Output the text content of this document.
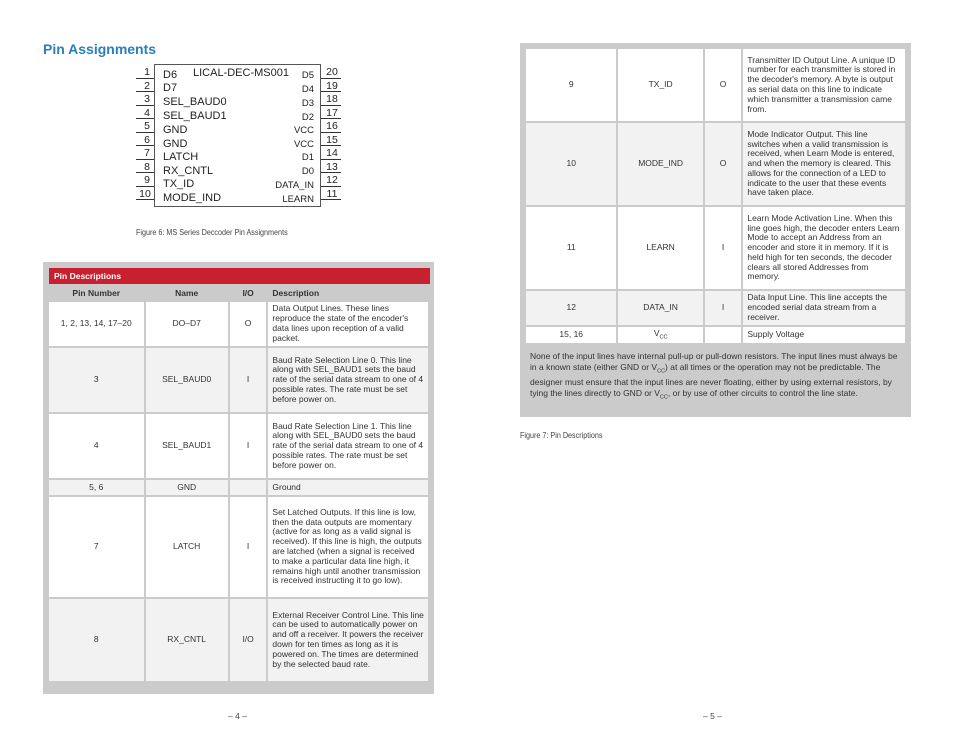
Pin Assignments
LICAL-DEC-MS001
1
2
3
4
5
6
7
8
9
10
D6
D7
SEL_BAUD0
SEL_BAUD1
GND
GND
LATCH
RX_CNTL
TX_ID
MODE_IND
20
19
18
17
16
15
14
13
12
11
D5
D4
D3
D2
VCC
VCC
D1
D0
DATA_IN
LEARN
Figure 6: MS Series Deccoder Pin Assignments
Pin Descriptions
Pin Number	Name	I/O	Description
1, 2, 13, 14, 17–20	DO–D7	O	Data Output Lines. These lines reproduce the state of the encoder's data lines upon reception of a valid packet.
3	SEL_BAUD0	I	Baud Rate Selection Line 0. This line along with SEL_BAUD1 sets the baud rate of the serial data stream to one of 4 possible rates. The rate must be set before power on.
4	SEL_BAUD1	I	Baud Rate Selection Line 1. This line along with SEL_BAUD0 sets the baud rate of the serial data stream to one of 4 possible rates. The rate must be set before power on.
5, 6	GND		Ground
7	LATCH	I	Set Latched Outputs. If this line is low, then the data outputs are momentary (active for as long as a valid signal is received). If this line is high, the outputs are latched (when a signal is received to make a particular data line high, it remains high until another transmission is received instructing it to go low).
8	RX_CNTL	I/O	External Receiver Control Line. This line can be used to automatically power on and off a receiver. It powers the receiver down for ten times as long as it is powered on. The times are determined by the selected baud rate.
– 4 –
9	TX_ID	O	Transmitter ID Output Line. A unique ID number for each transmitter is stored in the decoder's memory. A byte is output as serial data on this line to indicate which transmitter a transmission came from.
10	MODE_IND	O	Mode Indicator Output. This line switches when a valid transmission is received, when Learn Mode is entered, and when the memory is cleared. This allows for the connection of a LED to indicate to the user that these events have taken place.
11	LEARN	I	Learn Mode Activation Line. When this line goes high, the decoder enters Learn Mode to accept an Address from an encoder and store it in memory. If it is held high for ten seconds, the decoder clears all stored Addresses from memory.
12	DATA_IN	I	Data Input Line. This line accepts the encoded serial data stream from a receiver.
15, 16	$V_{CC}$		Supply Voltage
None of the input lines have internal pull-up or pull-down resistors. The input lines must always be in a known state (either GND or $V_{CC}$) at all times or the operation may not be predictable. The designer must ensure that the input lines are never floating, either by using external resistors, by tying the lines directly to GND or $V_{CC}$, or by use of other circuits to control the line state.
Figure 7: Pin Descriptions
– 5 –
